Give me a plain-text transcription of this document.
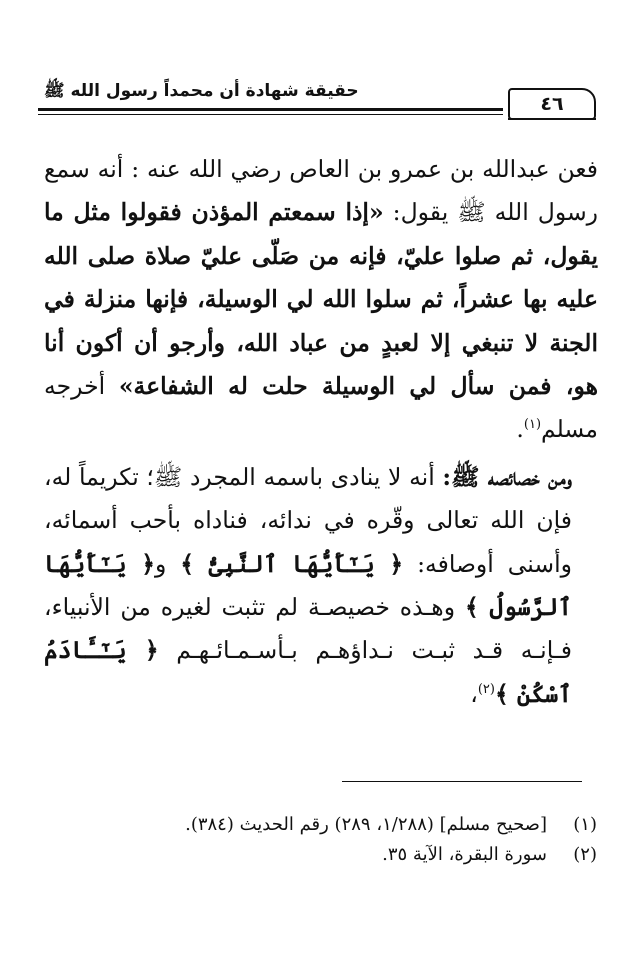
حقيقة شهادة أن محمداً رسول الله ﷺ
٤٦

فعن عبدالله بن عمرو بن العاص رضي الله عنه : أنه سمع رسول الله ﷺ يقول: «إذا سمعتم المؤذن فقولوا مثل ما يقول، ثم صلوا عليّ، فإنه من صَلّى عليّ صلاة صلى الله عليه بها عشراً، ثم سلوا الله لي الوسيلة، فإنها منزلة في الجنة لا تنبغي إلا لعبدٍ من عباد الله، وأرجو أن أكون أنا هو، فمن سأل لي الوسيلة حلت له الشفاعة» أخرجه مسلم$^{(١)}$.

ومن خصائصه ﷺ: أنه لا ينادى باسمه المجرد ﷺ؛ تكريماً له، فإن الله تعالى وقّره في ندائه، فناداه بأحب أسمائه، وأسنى أوصافه: ﴿ يَـٰٓأَيُّهَا ٱلنَّبِىُّ ﴾ و﴿ يَـٰٓأَيُّهَا ٱلرَّسُولُ ﴾ وهـذه خصيصـة لم تثبت لغيره من الأنبياء، فـإنـه قـد ثبـت نـداؤهـم بـأسـمـائـهـم ﴿ يَـٰٓـَٔادَمُ ٱسْكُنْ ﴾$^{(٢)}$،

(١)
[صحيح مسلم] (١/٢٨٨، ٢٨٩) رقم الحديث (٣٨٤).
(٢)
سورة البقرة، الآية ٣٥.
